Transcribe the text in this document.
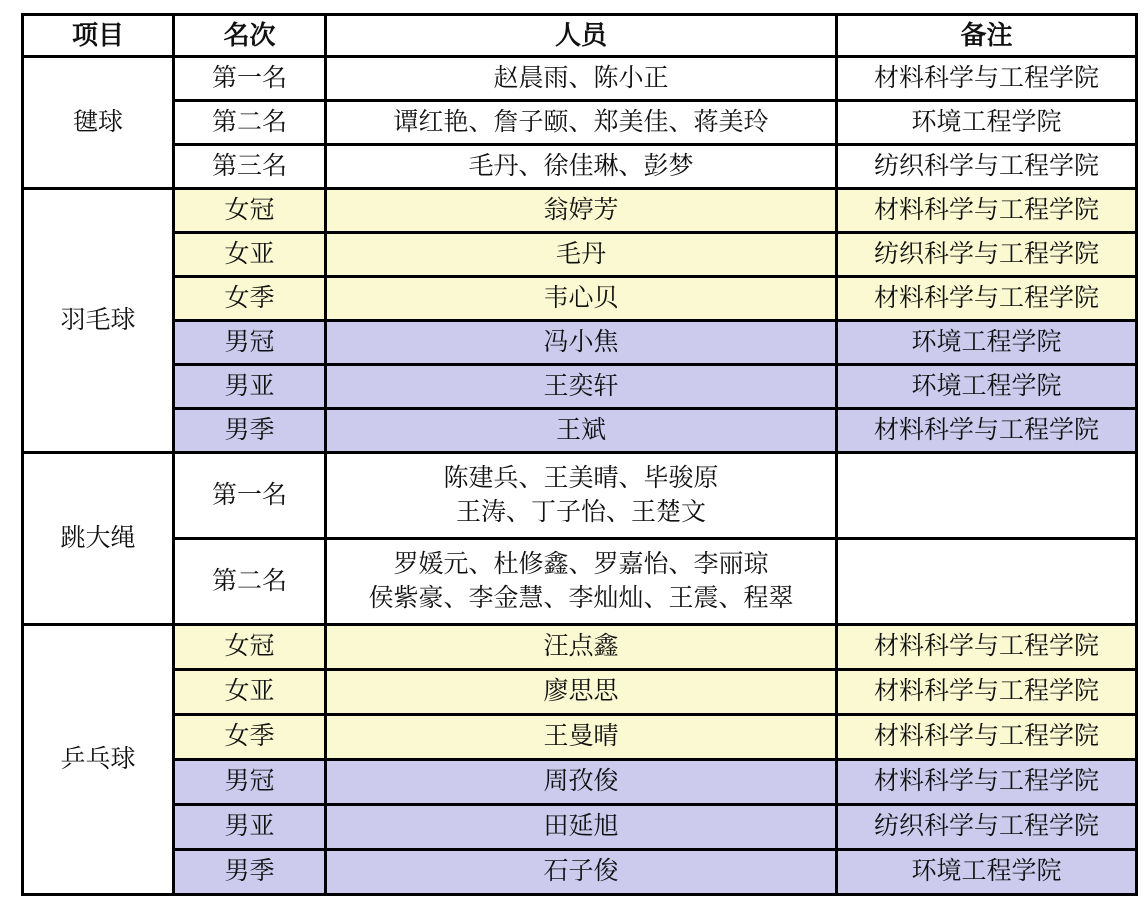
项目	名次	人员	备注
毽球	第一名	赵晨雨、陈小正	材料科学与工程学院
	第二名	谭红艳、詹子颐、郑美佳、蒋美玲	环境工程学院
	第三名	毛丹、徐佳琳、彭梦	纺织科学与工程学院
羽毛球	女冠	翁婷芳	材料科学与工程学院
	女亚	毛丹	纺织科学与工程学院
	女季	韦心贝	材料科学与工程学院
	男冠	冯小焦	环境工程学院
	男亚	王奕轩	环境工程学院
	男季	王斌	材料科学与工程学院
跳大绳	第一名	陈建兵、王美晴、毕骏原
王涛、丁子怡、王楚文	

	第二名	罗媛元、杜修鑫、罗嘉怡、李丽琼
侯紫豪、李金慧、李灿灿、王震、程翠	

乒乓球	女冠	汪点鑫	材料科学与工程学院
	女亚	廖思思	材料科学与工程学院
	女季	王曼晴	材料科学与工程学院
	男冠	周孜俊	材料科学与工程学院
	男亚	田延旭	纺织科学与工程学院
	男季	石子俊	环境工程学院
